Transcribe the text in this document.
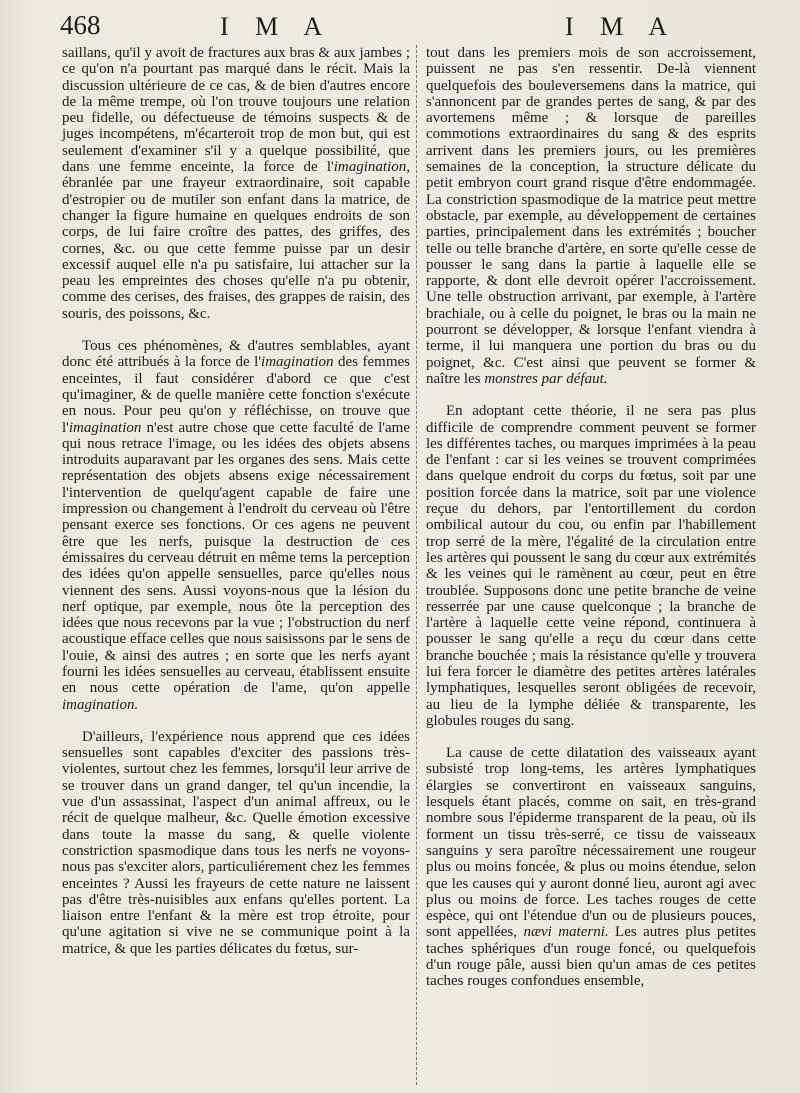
468	I M A	I M A

saillans, qu'il y avoit de fractures aux bras & aux jambes ; ce qu'on n'a pourtant pas marqué dans le récit. Mais la discussion ultérieure de ce cas, & de bien d'autres encore de la même trempe, où l'on trouve toujours une relation peu fidelle, ou défectueuse de témoins suspects & de juges incompétens, m'écarteroit trop de mon but, qui est seulement d'examiner s'il y a quelque possibilité, que dans une femme enceinte, la force de l'imagination, ébranlée par une frayeur extraordinaire, soit capable d'estropier ou de mutiler son enfant dans la matrice, de changer la figure humaine en quelques endroits de son corps, de lui faire croître des pattes, des griffes, des cornes, &c. ou que cette femme puisse par un desir excessif auquel elle n'a pu satisfaire, lui attacher sur la peau les empreintes des choses qu'elle n'a pu obtenir, comme des cerises, des fraises, des grappes de raisin, des souris, des poissons, &c.

Tous ces phénomènes, & d'autres semblables, ayant donc été attribués à la force de l'imagination des femmes enceintes, il faut considérer d'abord ce que c'est qu'imaginer, & de quelle manière cette fonction s'exécute en nous. Pour peu qu'on y réfléchisse, on trouve que l'imagination n'est autre chose que cette faculté de l'ame qui nous retrace l'image, ou les idées des objets absens introduits auparavant par les organes des sens. Mais cette représentation des objets absens exige nécessairement l'intervention de quelqu'agent capable de faire une impression ou changement à l'endroit du cerveau où l'être pensant exerce ses fonctions. Or ces agens ne peuvent être que les nerfs, puisque la destruction de ces émissaires du cerveau détruit en même tems la perception des idées qu'on appelle sensuelles, parce qu'elles nous viennent des sens. Aussi voyons-nous que la lésion du nerf optique, par exemple, nous ôte la perception des idées que nous recevons par la vue ; l'obstruction du nerf acoustique efface celles que nous saisissons par le sens de l'ouie, & ainsi des autres ; en sorte que les nerfs ayant fourni les idées sensuelles au cerveau, établissent ensuite en nous cette opération de l'ame, qu'on appelle imagination.

D'ailleurs, l'expérience nous apprend que ces idées sensuelles sont capables d'exciter des passions très-violentes, surtout chez les femmes, lorsqu'il leur arrive de se trouver dans un grand danger, tel qu'un incendie, la vue d'un assassinat, l'aspect d'un animal affreux, ou le récit de quelque malheur, &c. Quelle émotion excessive dans toute la masse du sang, & quelle violente constriction spasmodique dans tous les nerfs ne voyons-nous pas s'exciter alors, particuliérement chez les femmes enceintes ? Aussi les frayeurs de cette nature ne laissent pas d'être très-nuisibles aux enfans qu'elles portent. La liaison entre l'enfant & la mère est trop étroite, pour qu'une agitation si vive ne se communique point à la matrice, & que les parties délicates du fœtus, sur-

tout dans les premiers mois de son accroissement, puissent ne pas s'en ressentir. De-là viennent quelquefois des bouleversemens dans la matrice, qui s'annoncent par de grandes pertes de sang, & par des avortemens même ; & lorsque de pareilles commotions extraordinaires du sang & des esprits arrivent dans les premiers jours, ou les premières semaines de la conception, la structure délicate du petit embryon court grand risque d'être endommagée. La constriction spasmodique de la matrice peut mettre obstacle, par exemple, au développement de certaines parties, principalement dans les extrémités ; boucher telle ou telle branche d'artère, en sorte qu'elle cesse de pousser le sang dans la partie à laquelle elle se rapporte, & dont elle devroit opérer l'accroissement. Une telle obstruction arrivant, par exemple, à l'artère brachiale, ou à celle du poignet, le bras ou la main ne pourront se développer, & lorsque l'enfant viendra à terme, il lui manquera une portion du bras ou du poignet, &c. C'est ainsi que peuvent se former & naître les monstres par défaut.

En adoptant cette théorie, il ne sera pas plus difficile de comprendre comment peuvent se former les différentes taches, ou marques imprimées à la peau de l'enfant : car si les veines se trouvent comprimées dans quelque endroit du corps du fœtus, soit par une position forcée dans la matrice, soit par une violence reçue du dehors, par l'entortillement du cordon ombilical autour du cou, ou enfin par l'habillement trop serré de la mère, l'égalité de la circulation entre les artères qui poussent le sang du cœur aux extrémités & les veines qui le ramènent au cœur, peut en être troublée. Supposons donc une petite branche de veine resserrée par une cause quelconque ; la branche de l'artère à laquelle cette veine répond, continuera à pousser le sang qu'elle a reçu du cœur dans cette branche bouchée ; mais la résistance qu'elle y trouvera lui fera forcer le diamètre des petites artères latérales lymphatiques, lesquelles seront obligées de recevoir, au lieu de la lymphe déliée & transparente, les globules rouges du sang.

La cause de cette dilatation des vaisseaux ayant subsisté trop long-tems, les artères lymphatiques élargies se convertiront en vaisseaux sanguins, lesquels étant placés, comme on sait, en très-grand nombre sous l'épiderme transparent de la peau, où ils forment un tissu très-serré, ce tissu de vaisseaux sanguins y sera paroître nécessairement une rougeur plus ou moins foncée, & plus ou moins étendue, selon que les causes qui y auront donné lieu, auront agi avec plus ou moins de force. Les taches rouges de cette espèce, qui ont l'étendue d'un ou de plusieurs pouces, sont appellées, nævi materni. Les autres plus petites taches sphériques d'un rouge foncé, ou quelquefois d'un rouge pâle, aussi bien qu'un amas de ces petites taches rouges confondues ensemble,
